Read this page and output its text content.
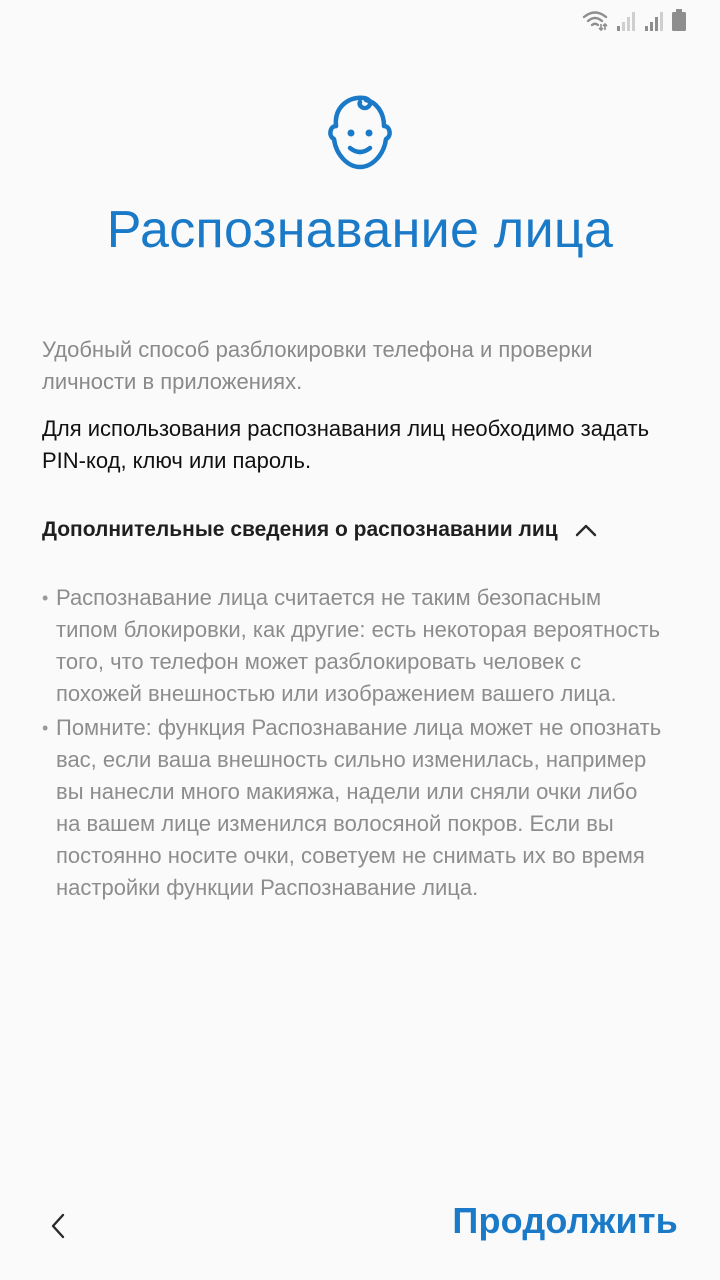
Распознавание лица

Удобный способ разблокировки телефона и проверки личности в приложениях.

Для использования распознавания лиц необходимо задать PIN-код, ключ или пароль.

Дополнительные сведения о распознавании лиц
• Распознавание лица считается не таким безопасным типом блокировки, как другие: есть некоторая вероятность того, что телефон может разблокировать человек с похожей внешностью или изображением вашего лица.
• Помните: функция Распознавание лица может не опознать вас, если ваша внешность сильно изменилась, например вы нанесли много макияжа, надели или сняли очки либо на вашем лице изменился волосяной покров. Если вы постоянно носите очки, советуем не снимать их во время настройки функции Распознавание лица.
Продолжить
